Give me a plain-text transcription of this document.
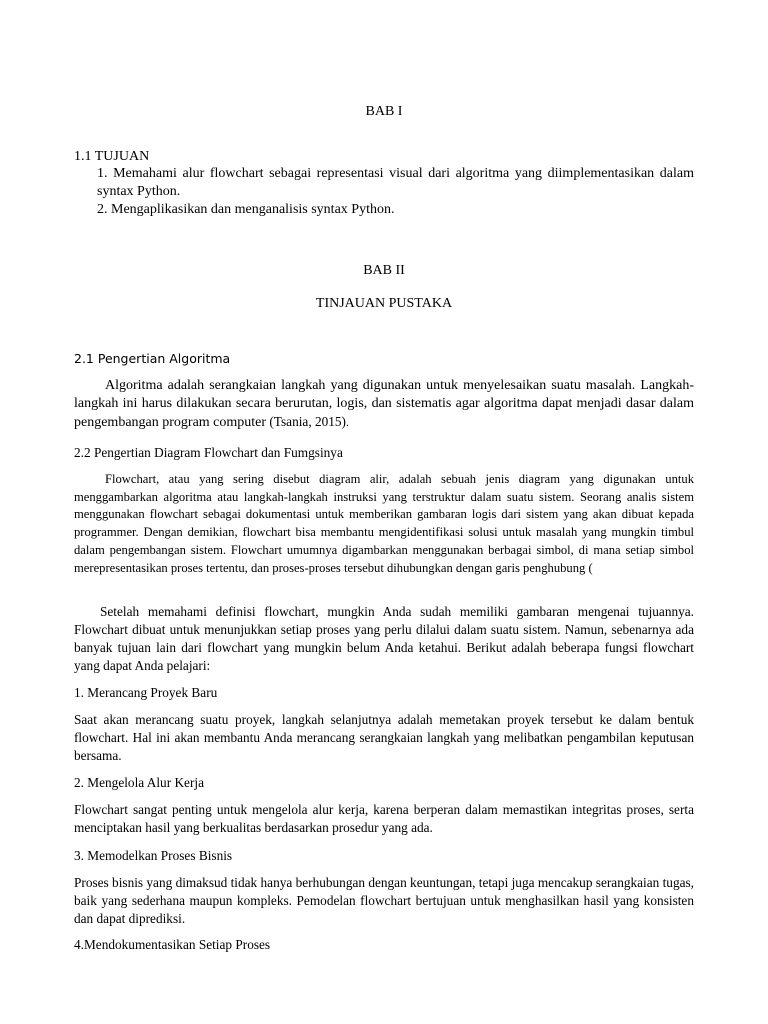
BAB I
1.1 TUJUAN
1. Memahami alur flowchart sebagai representasi visual dari algoritma yang diimplementasikan dalam syntax Python.
2. Mengaplikasikan dan menganalisis syntax Python.
BAB II
TINJAUAN PUSTAKA
2.1 Pengertian Algoritma

Algoritma adalah serangkaian langkah yang digunakan untuk menyelesaikan suatu masalah. Langkah-langkah ini harus dilakukan secara berurutan, logis, dan sistematis agar algoritma dapat menjadi dasar dalam pengembangan program computer (Tsania, 2015).

2.2 Pengertian Diagram Flowchart dan Fumgsinya

Flowchart, atau yang sering disebut diagram alir, adalah sebuah jenis diagram yang digunakan untuk menggambarkan algoritma atau langkah-langkah instruksi yang terstruktur dalam suatu sistem. Seorang analis sistem menggunakan flowchart sebagai dokumentasi untuk memberikan gambaran logis dari sistem yang akan dibuat kepada programmer. Dengan demikian, flowchart bisa membantu mengidentifikasi solusi untuk masalah yang mungkin timbul dalam pengembangan sistem. Flowchart umumnya digambarkan menggunakan berbagai simbol, di mana setiap simbol merepresentasikan proses tertentu, dan proses-proses tersebut dihubungkan dengan garis penghubung (

Setelah memahami definisi flowchart, mungkin Anda sudah memiliki gambaran mengenai tujuannya. Flowchart dibuat untuk menunjukkan setiap proses yang perlu dilalui dalam suatu sistem. Namun, sebenarnya ada banyak tujuan lain dari flowchart yang mungkin belum Anda ketahui. Berikut adalah beberapa fungsi flowchart yang dapat Anda pelajari:

1. Merancang Proyek Baru

Saat akan merancang suatu proyek, langkah selanjutnya adalah memetakan proyek tersebut ke dalam bentuk flowchart. Hal ini akan membantu Anda merancang serangkaian langkah yang melibatkan pengambilan keputusan bersama.

2. Mengelola Alur Kerja

Flowchart sangat penting untuk mengelola alur kerja, karena berperan dalam memastikan integritas proses, serta menciptakan hasil yang berkualitas berdasarkan prosedur yang ada.

3. Memodelkan Proses Bisnis

Proses bisnis yang dimaksud tidak hanya berhubungan dengan keuntungan, tetapi juga mencakup serangkaian tugas, baik yang sederhana maupun kompleks. Pemodelan flowchart bertujuan untuk menghasilkan hasil yang konsisten dan dapat diprediksi.

4.Mendokumentasikan Setiap Proses
